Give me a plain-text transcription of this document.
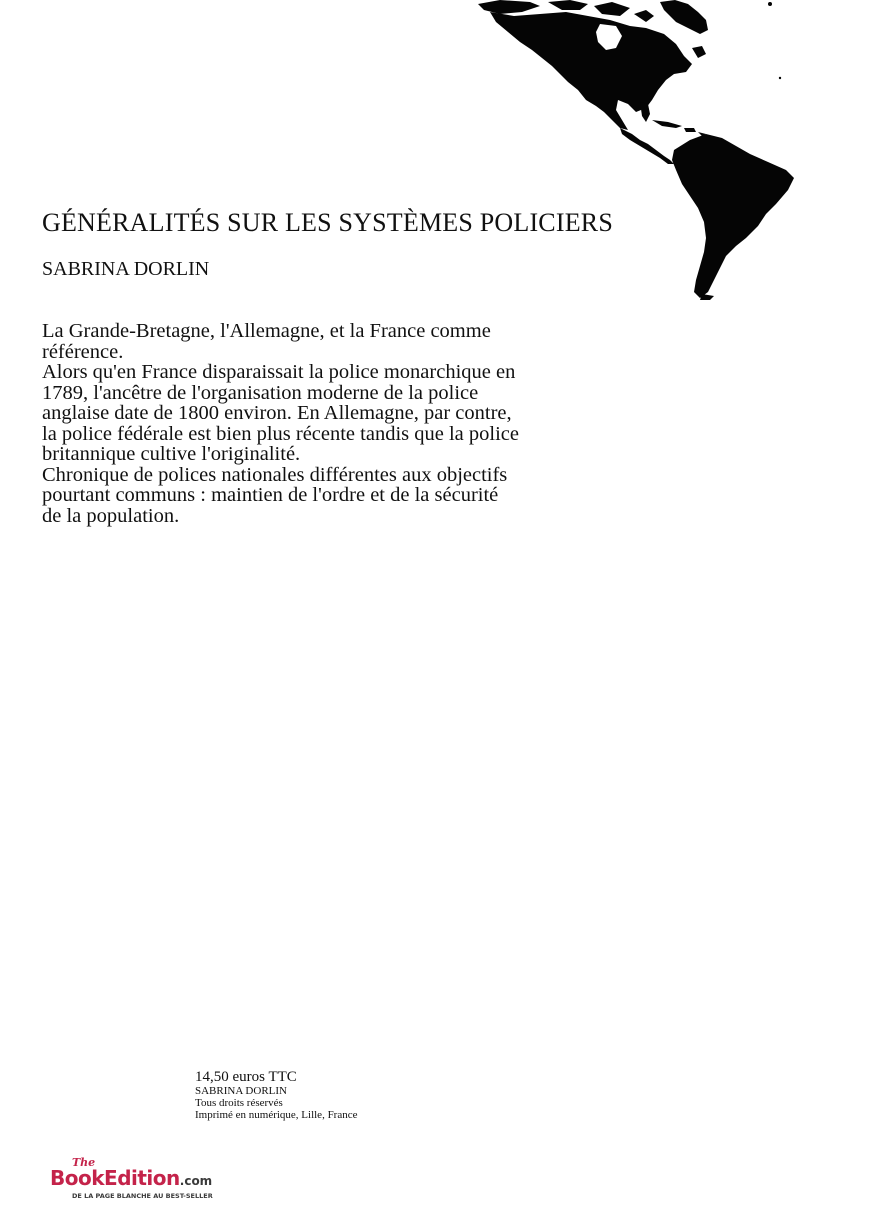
GÉNÉRALITÉS SUR LES SYSTÈMES POLICIERS
SABRINA DORLIN

La Grande-Bretagne, l'Allemagne, et la France comme

référence.

Alors qu'en France disparaissait la police monarchique en

1789, l'ancêtre de l'organisation moderne de la police

anglaise date de 1800 environ. En Allemagne, par contre,

la police fédérale est bien plus récente tandis que la police

britannique cultive l'originalité.

Chronique de polices nationales différentes aux objectifs

pourtant communs : maintien de l'ordre et de la sécurité

de la population.

14,50 euros TTC
SABRINA DORLIN
Tous droits réservés
Imprimé en numérique, Lille, France
The
BookEdition.com
DE LA PAGE BLANCHE AU BEST-SELLER
